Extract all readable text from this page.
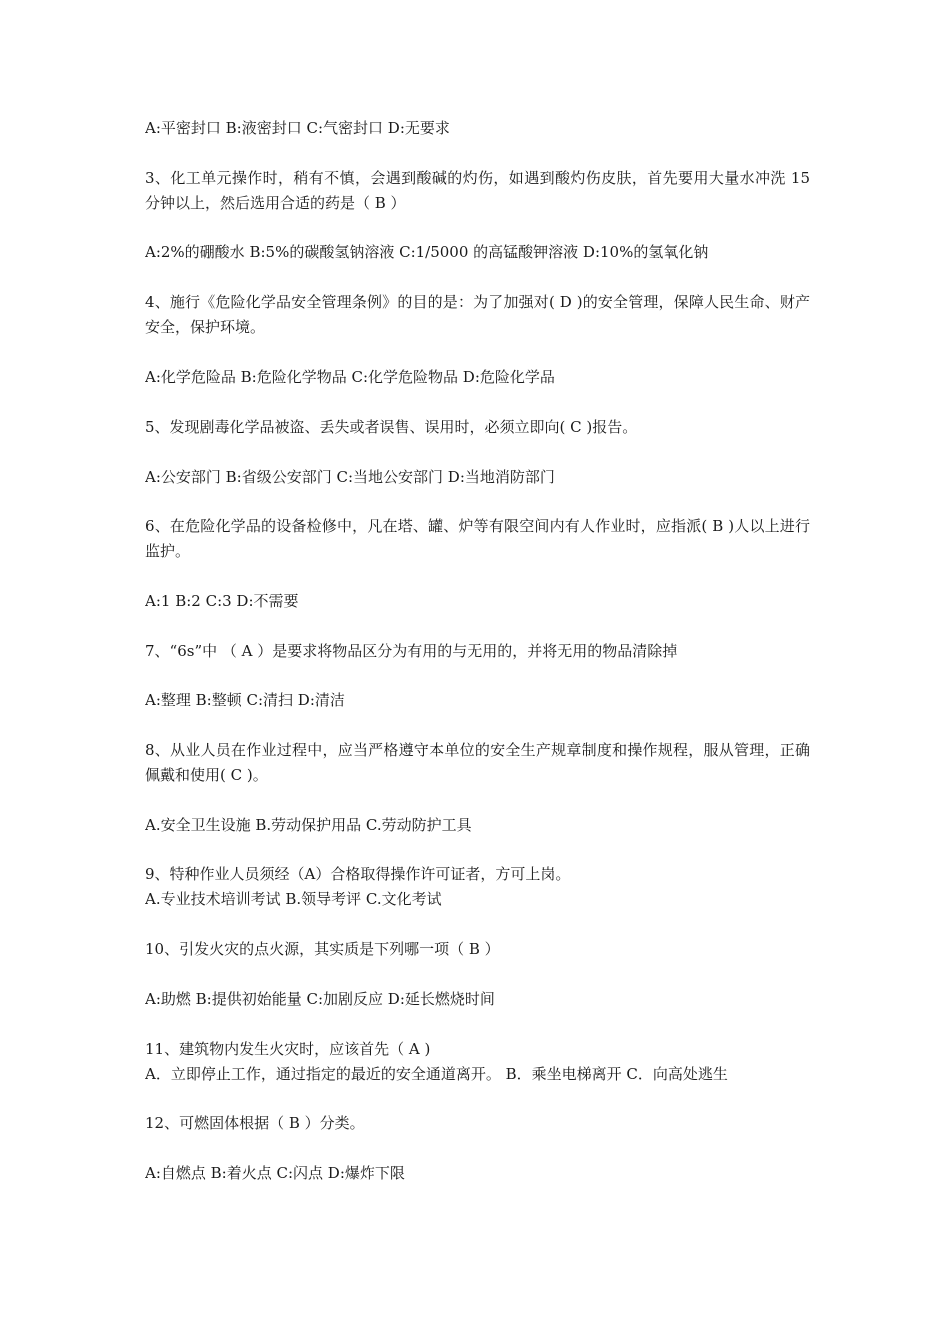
A:平密封口 B:液密封口 C:气密封口 D:无要求
3、化工单元操作时，稍有不慎，会遇到酸碱的灼伤，如遇到酸灼伤皮肤，首先要用大量水冲洗 15 分钟以上，然后选用合适的药是（ B ）
A:2%的硼酸水 B:5%的碳酸氢钠溶液 C:1/5000 的高锰酸钾溶液 D:10%的氢氧化钠
4、施行《危险化学品安全管理条例》的目的是：为了加强对( D )的安全管理，保障人民生命、财产安全，保护环境。
A:化学危险品 B:危险化学物品 C:化学危险物品 D:危险化学品
5、发现剧毒化学品被盗、丢失或者误售、误用时，必须立即向( C )报告。
A:公安部门 B:省级公安部门 C:当地公安部门 D:当地消防部门
6、在危险化学品的设备检修中，凡在塔、罐、炉等有限空间内有人作业时，应指派( B )人以上进行监护。
A:1 B:2 C:3 D:不需要
7、“6s”中 （ A ）是要求将物品区分为有用的与无用的，并将无用的物品清除掉
A:整理 B:整顿 C:清扫 D:清洁
8、从业人员在作业过程中，应当严格遵守本单位的安全生产规章制度和操作规程，服从管理，正确佩戴和使用( C )。
A.安全卫生设施 B.劳动保护用品 C.劳动防护工具
9、特种作业人员须经（A）合格取得操作许可证者，方可上岗。
A.专业技术培训考试 B.领导考评 C.文化考试
10、引发火灾的点火源，其实质是下列哪一项（ B ）
A:助燃 B:提供初始能量 C:加剧反应 D:延长燃烧时间
11、建筑物内发生火灾时，应该首先（ A )
A．立即停止工作，通过指定的最近的安全通道离开。 B．乘坐电梯离开 C．向高处逃生
12、可燃固体根据（ B ）分类。
A:自燃点 B:着火点 C:闪点 D:爆炸下限
